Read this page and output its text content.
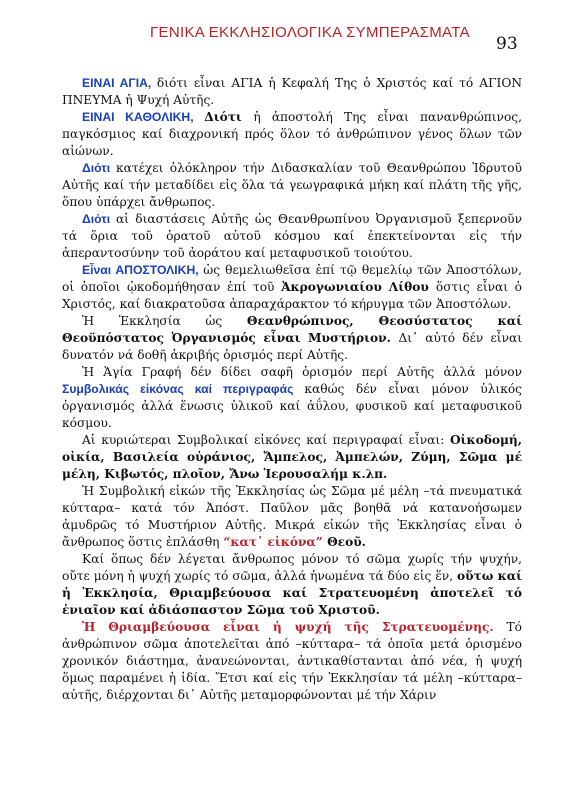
ΓΕΝΙΚΑ ΕΚΚΛΗΣΙΟΛΟΓΙΚΑ ΣΥΜΠΕΡΑΣΜΑΤΑ
93

ΕΙΝΑΙ ΑΓΙΑ, διότι εἶναι ΑΓΙΑ ἡ Κεφαλή Της ὁ Χριστός καί τό ΑΓΙΟΝ ΠΝΕΥΜΑ ἡ Ψυχή Αὐτῆς.

ΕΙΝΑΙ ΚΑΘΟΛΙΚΗ, Διότι ἡ ἀποστολή Της εἶναι πανανθρώπινος, παγκόσμιος καί διαχρονική πρός ὅλον τό ἀνθρώπινον γένος ὅλων τῶν αἰώνων.

Διότι κατέχει ὁλόκληρον τήν Διδασκαλίαν τοῦ Θεανθρώπου Ἱδρυτοῦ Αὐτῆς καί τήν μεταδίδει εἰς ὅλα τά γεωγραφικά μήκη καί πλάτη τῆς γῆς, ὅπου ὑπάρχει ἄνθρωπος.

Διότι αἱ διαστάσεις Αὐτῆς ὡς Θεανθρωπίνου Ὀργανισμοῦ ξεπερνοῦν τά ὅρια τοῦ ὁρατοῦ αὐτοῦ κόσμου καί ἐπεκτείνονται εἰς τήν ἀπεραντοσύνην τοῦ ἀοράτου καί μεταφυσικοῦ τοιούτου.

Εἶναι ΑΠΟΣΤΟΛΙΚΗ, ὡς θεμελιωθεῖσα ἐπί τῷ θεμελίῳ τῶν Ἀποστόλων, οἱ ὁποῖοι ᾠκοδομήθησαν ἐπί τοῦ Ἀκρογωνιαίου Λίθου ὅστις εἶναι ὁ Χριστός, καί διακρατοῦσα ἀπαραχάρακτον τό κήρυγμα τῶν Ἀποστόλων.

Ἡ Ἐκκλησία ὡς Θεανθρώπινος, Θεοσύστατος καί Θεοϋπόστατος Ὀργανισμός εἶναι Μυστήριον. Δι᾽ αὐτό δέν εἶναι δυνατόν νά δοθῆ ἀκριβής ὁρισμός περί Αὐτῆς.

Ἡ Ἁγία Γραφή δέν δίδει σαφῆ ὁρισμόν περί Αὐτῆς ἀλλά μόνον Συμβολικάς εἰκόνας καί περιγραφάς καθώς δέν εἶναι μόνον ὑλικός ὀργανισμός ἀλλά ἕνωσις ὑλικοῦ καί ἀΰλου, φυσικοῦ καί μεταφυσικοῦ κόσμου.

Αἱ κυριώτεραι Συμβολικαί εἰκόνες καί περιγραφαί εἶναι: Οἰκοδομή, οἰκία, Βασιλεία οὐράνιος, Ἄμπελος, Ἀμπελών, Ζύμη, Σῶμα μέ μέλη, Κιβωτός, πλοῖον, Ἄνω Ἱερουσαλήμ κ.λπ.

Ἡ Συμβολική εἰκών τῆς Ἐκκλησίας ὡς Σῶμα μέ μέλη –τά πνευματικά κύτταρα– κατά τόν Ἀπόστ. Παῦλον μᾶς βοηθᾶ νά κατανοήσωμεν ἀμυδρῶς τό Μυστήριον Αὐτῆς. Μικρά εἰκών τῆς Ἐκκλησίας εἶναι ὁ ἄνθρωπος ὅστις ἐπλάσθη “κατ᾽ εἰκόνα” Θεοῦ.

Καί ὅπως δέν λέγεται ἄνθρωπος μόνον τό σῶμα χωρίς τήν ψυχήν, οὔτε μόνη ἡ ψυχή χωρίς τό σῶμα, ἀλλά ἡνωμένα τά δύο εἰς ἕν, οὕτω καί ἡ Ἐκκλησία, Θριαμβεύουσα καί Στρατευομένη ἀποτελεῖ τό ἑνιαῖον καί ἀδιάσπαστον Σῶμα τοῦ Χριστοῦ.

Ἡ Θριαμβεύουσα εἶναι ἡ ψυχή τῆς Στρατευομένης. Τό ἀνθρώπινον σῶμα ἀποτελεῖται ἀπό –κύτταρα– τά ὁποῖα μετά ὁρισμένο χρονικόν διάστημα, ἀνανεώνονται, ἀντικαθίστανται ἀπό νέα, ἡ ψυχή ὅμως παραμένει ἡ ἰδία. Ἔτσι καί εἰς τήν Ἐκκλησίαν τά μέλη –κύτταρα– αὐτῆς, διέρχονται δι᾽ Αὐτῆς μεταμορφώνονται μέ τήν Χάριν
